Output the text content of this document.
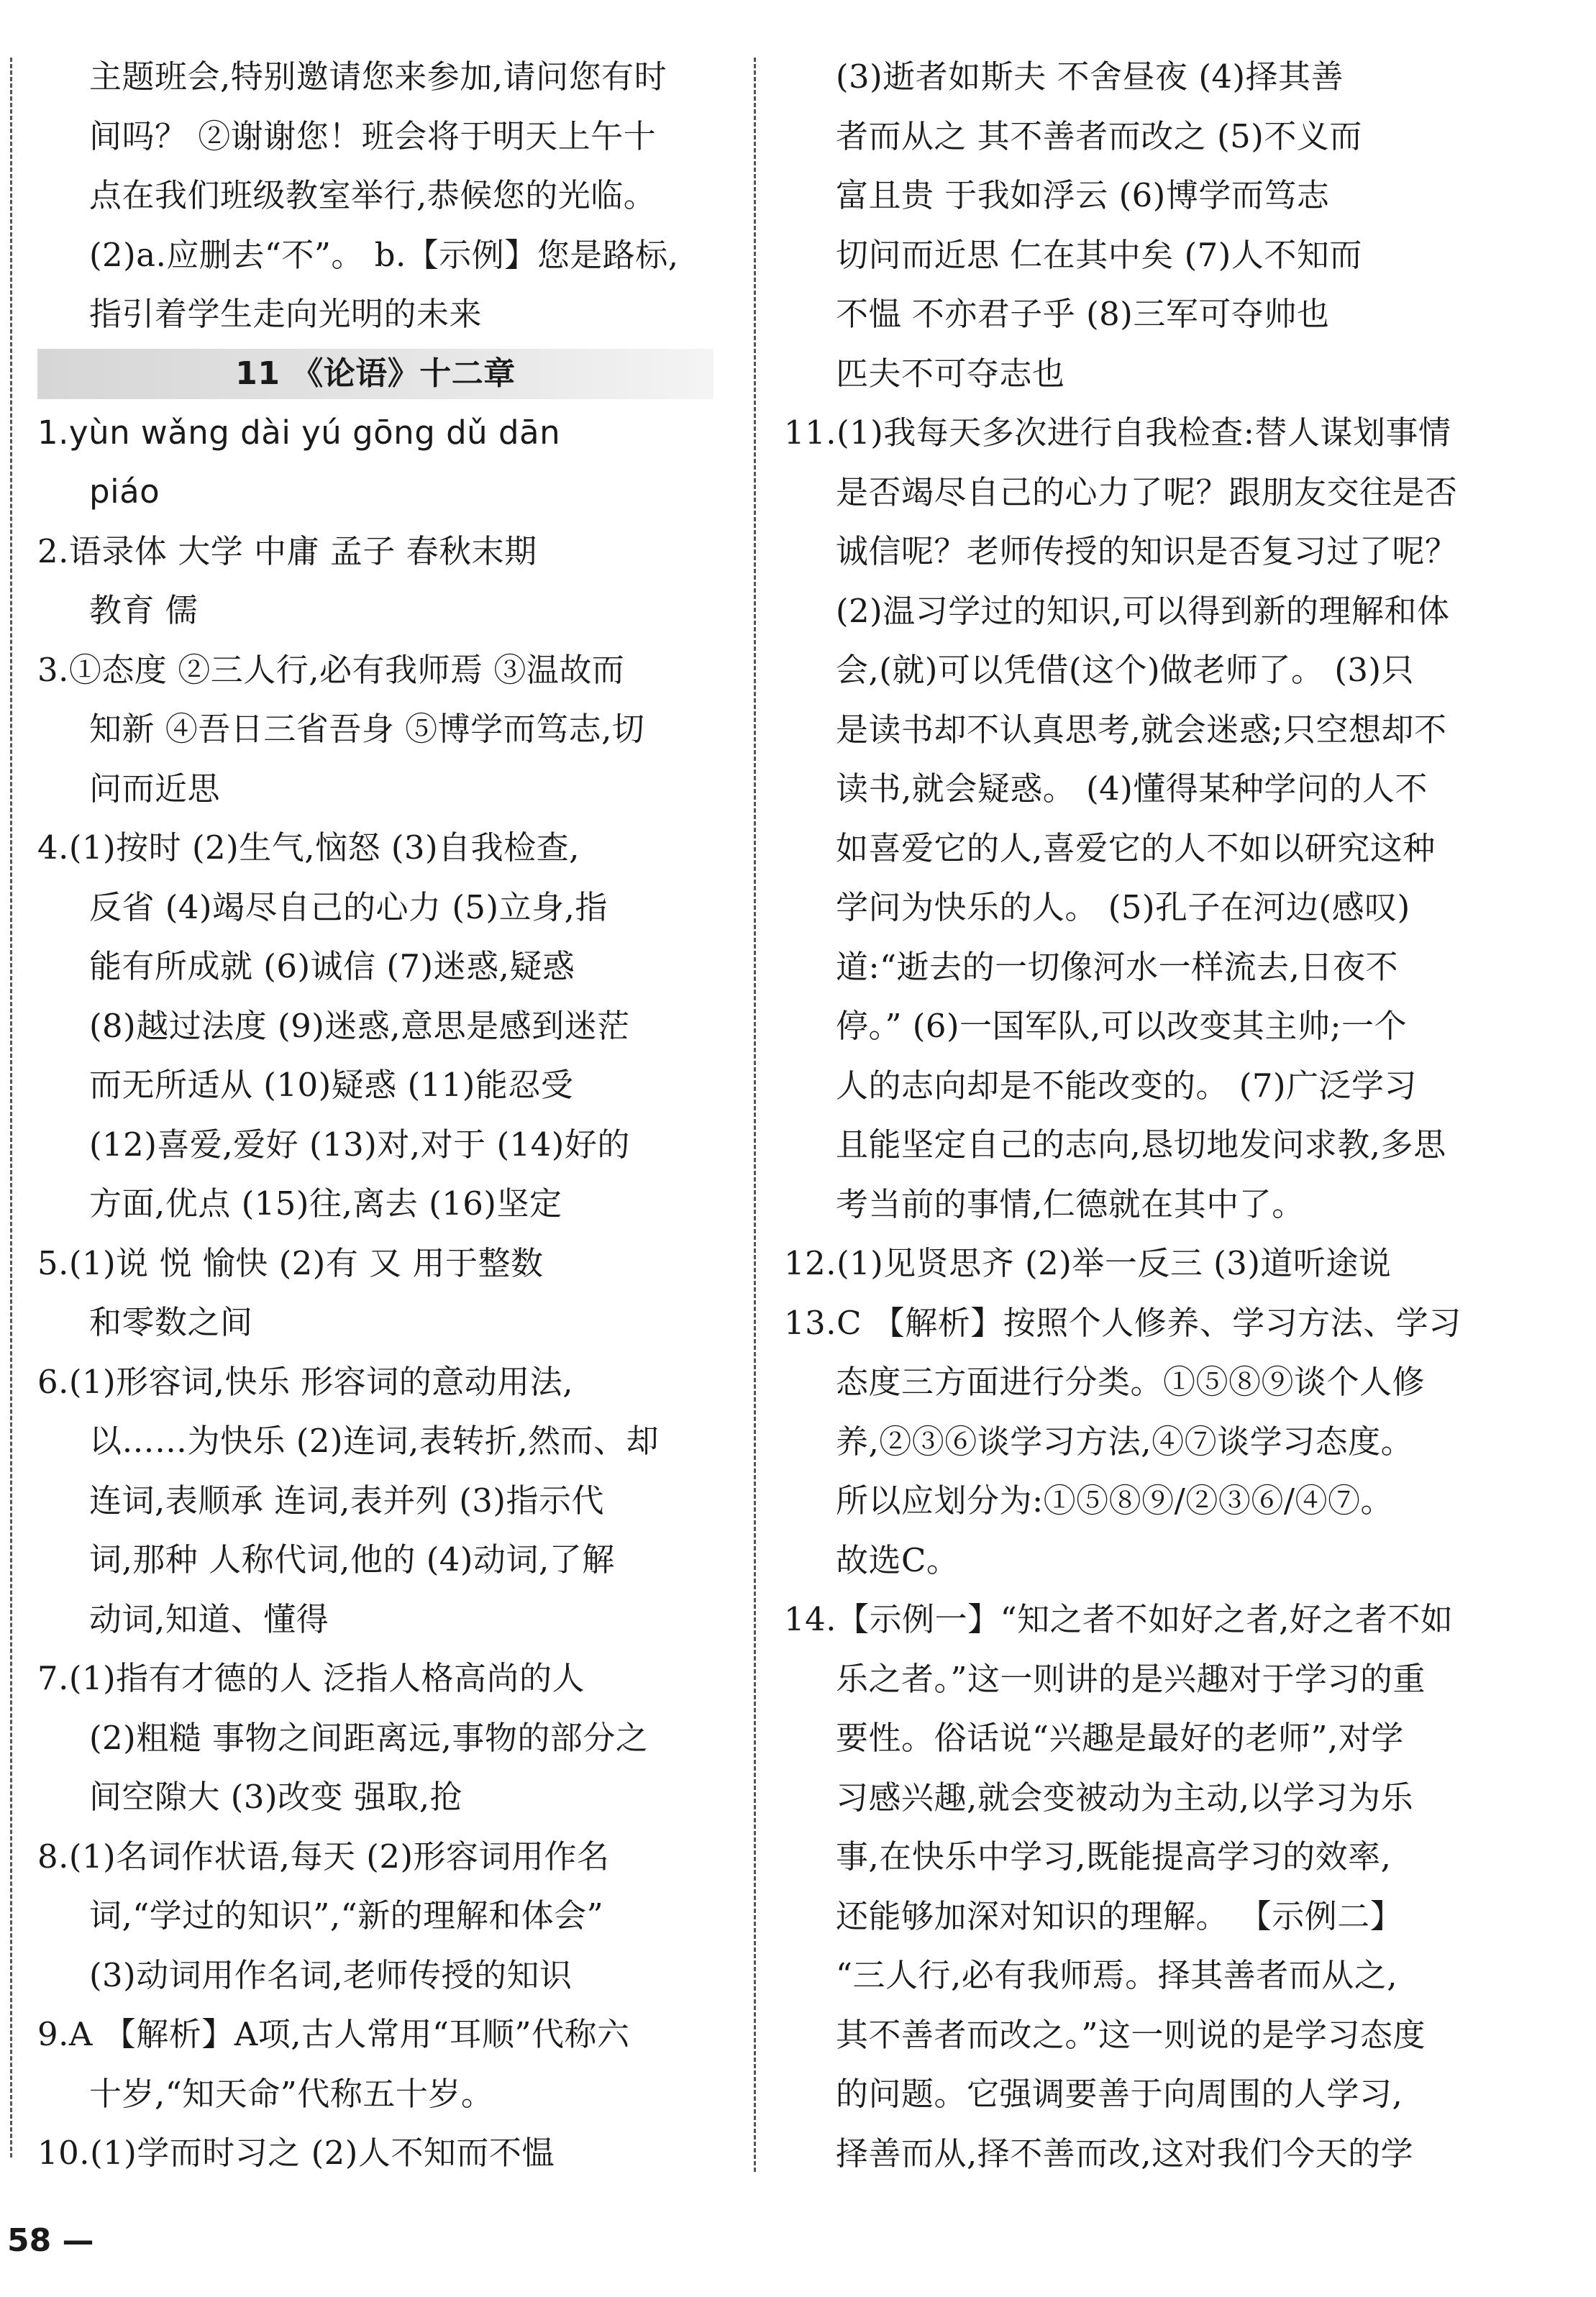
主题班会,特别邀请您来参加,请问您有时
间吗？ ②谢谢您！班会将于明天上午十
点在我们班级教室举行,恭候您的光临。
(2)a.应删去“不”。 b.【示例】您是路标,
指引着学生走向光明的未来
11 《论语》十二章
1.yùn wǎng dài yú gōng dǔ dān
piáo
2.语录体 大学 中庸 孟子 春秋末期
教育 儒
3.①态度 ②三人行,必有我师焉 ③温故而
知新 ④吾日三省吾身 ⑤博学而笃志,切
问而近思
4.(1)按时 (2)生气,恼怒 (3)自我检查,
反省 (4)竭尽自己的心力 (5)立身,指
能有所成就 (6)诚信 (7)迷惑,疑惑
(8)越过法度 (9)迷惑,意思是感到迷茫
而无所适从 (10)疑惑 (11)能忍受
(12)喜爱,爱好 (13)对,对于 (14)好的
方面,优点 (15)往,离去 (16)坚定
5.(1)说 悦 愉快 (2)有 又 用于整数
和零数之间
6.(1)形容词,快乐 形容词的意动用法,
以……为快乐 (2)连词,表转折,然而、却
连词,表顺承 连词,表并列 (3)指示代
词,那种 人称代词,他的 (4)动词,了解
动词,知道、懂得
7.(1)指有才德的人 泛指人格高尚的人
(2)粗糙 事物之间距离远,事物的部分之
间空隙大 (3)改变 强取,抢
8.(1)名词作状语,每天 (2)形容词用作名
词,“学过的知识”,“新的理解和体会”
(3)动词用作名词,老师传授的知识
9.A 【解析】A项,古人常用“耳顺”代称六
十岁,“知天命”代称五十岁。
10.(1)学而时习之 (2)人不知而不愠
(3)逝者如斯夫 不舍昼夜 (4)择其善
者而从之 其不善者而改之 (5)不义而
富且贵 于我如浮云 (6)博学而笃志
切问而近思 仁在其中矣 (7)人不知而
不愠 不亦君子乎 (8)三军可夺帅也
匹夫不可夺志也
11.(1)我每天多次进行自我检查:替人谋划事情
是否竭尽自己的心力了呢？跟朋友交往是否
诚信呢？老师传授的知识是否复习过了呢？
(2)温习学过的知识,可以得到新的理解和体
会,(就)可以凭借(这个)做老师了。 (3)只
是读书却不认真思考,就会迷惑;只空想却不
读书,就会疑惑。 (4)懂得某种学问的人不
如喜爱它的人,喜爱它的人不如以研究这种
学问为快乐的人。 (5)孔子在河边(感叹)
道:“逝去的一切像河水一样流去,日夜不
停。” (6)一国军队,可以改变其主帅;一个
人的志向却是不能改变的。 (7)广泛学习
且能坚定自己的志向,恳切地发问求教,多思
考当前的事情,仁德就在其中了。
12.(1)见贤思齐 (2)举一反三 (3)道听途说
13.C 【解析】按照个人修养、学习方法、学习
态度三方面进行分类。①⑤⑧⑨谈个人修
养,②③⑥谈学习方法,④⑦谈学习态度。
所以应划分为:①⑤⑧⑨/②③⑥/④⑦。
故选C。
14.【示例一】“知之者不如好之者,好之者不如
乐之者。”这一则讲的是兴趣对于学习的重
要性。俗话说“兴趣是最好的老师”,对学
习感兴趣,就会变被动为主动,以学习为乐
事,在快乐中学习,既能提高学习的效率,
还能够加深对知识的理解。 【示例二】
“三人行,必有我师焉。择其善者而从之,
其不善者而改之。”这一则说的是学习态度
的问题。它强调要善于向周围的人学习,
择善而从,择不善而改,这对我们今天的学
58 —
